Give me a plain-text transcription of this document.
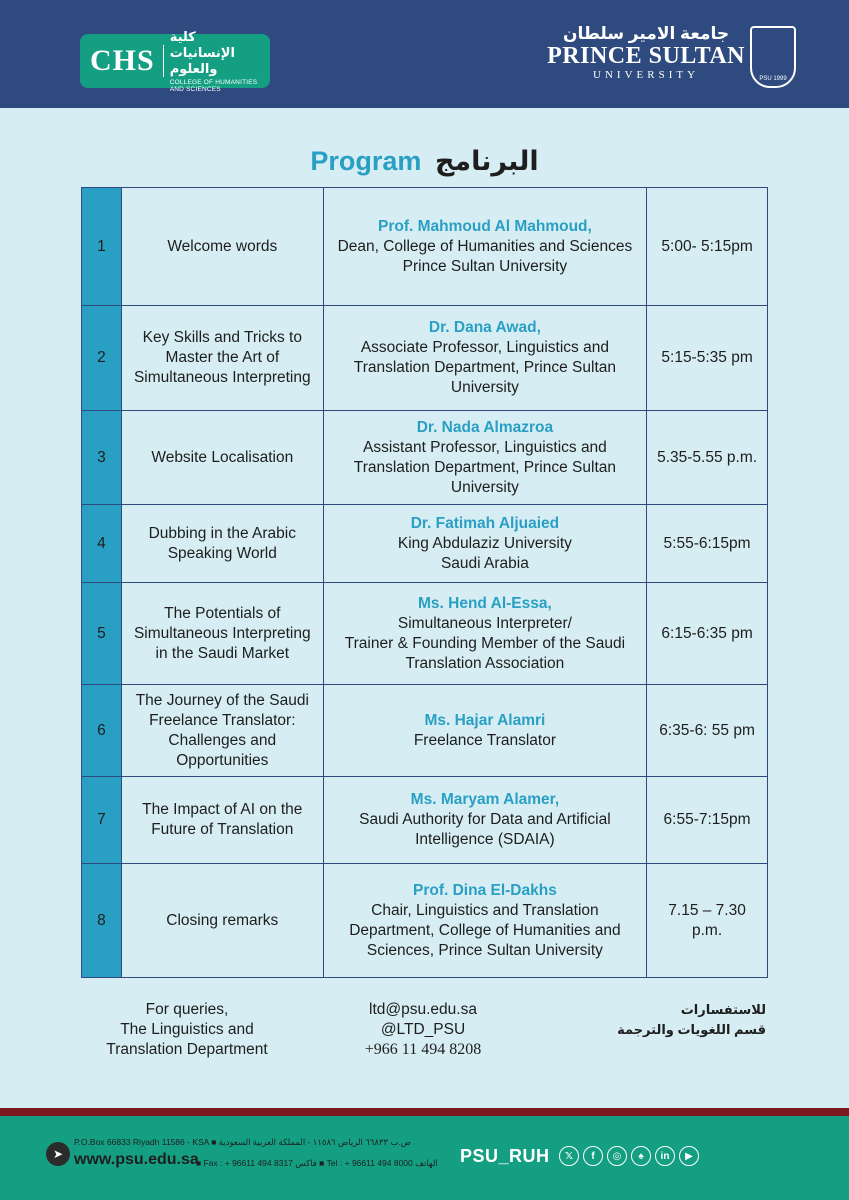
CHS
كلية الإنسانيات والعلوم
COLLEGE OF HUMANITIES AND SCIENCES
جامعة الامير سلطان
PRINCE SULTAN
UNIVERSITY	PSU 1999
Program البرنامج
1	Welcome words	Prof. Mahmoud Al Mahmoud,
Dean, College of Humanities and Sciences
Prince Sultan University	5:00- 5:15pm
2	Key Skills and Tricks to Master the Art of Simultaneous Interpreting	Dr. Dana Awad,
Associate Professor, Linguistics and Translation Department, Prince Sultan University	5:15-5:35 pm
3	Website Localisation	Dr. Nada Almazroa
Assistant Professor, Linguistics and Translation Department, Prince Sultan University	5.35-5.55 p.m.
4	Dubbing in the Arabic Speaking World	Dr. Fatimah Aljuaied
King Abdulaziz University
Saudi Arabia	5:55-6:15pm
5	The Potentials of Simultaneous Interpreting in the Saudi Market	Ms. Hend Al-Essa,
Simultaneous Interpreter/
Trainer & Founding Member of the Saudi Translation Association	6:15-6:35 pm
6	The Journey of the Saudi Freelance Translator: Challenges and Opportunities	Ms. Hajar Alamri
Freelance Translator	6:35-6: 55 pm
7	The Impact of AI on the Future of Translation	Ms. Maryam Alamer,
Saudi Authority for Data and Artificial Intelligence (SDAIA)	6:55-7:15pm
8	Closing remarks	Prof. Dina El-Dakhs
Chair, Linguistics and Translation Department, College of Humanities and Sciences, Prince Sultan University	7.15 – 7.30 p.m.
For queries,
The Linguistics and
Translation Department
ltd@psu.edu.sa
@LTD_PSU
+966 11 494 8208
للاستفسارات
قسم اللغويات والترجمة
➤
P.O.Box 66833 Riyadh 11586 - KSA ■ ص.ب ٦٦٨٣٣ الرياض ١١٥٨٦ - المملكة العربية السعودية
www.psu.edu.sa
■ Fax : + 96611 494 8317 فاكس ■ Tel : + 96611 494 8000 الهاتف PSU_RUH	𝕏	f	◎	♠	in	▶
